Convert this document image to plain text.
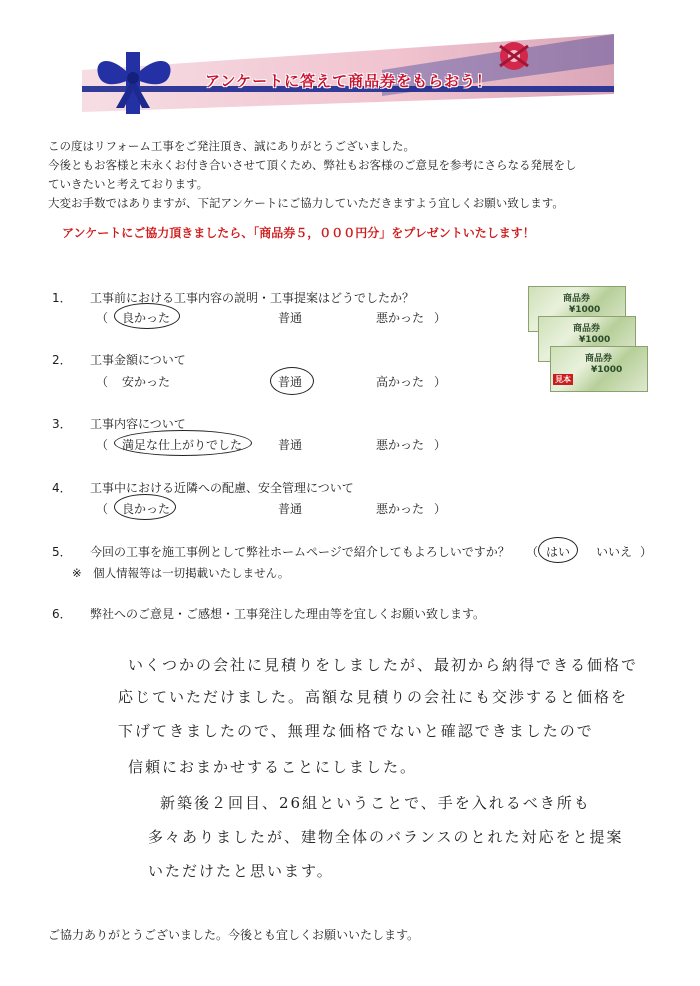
アンケートに答えて商品券をもらおう！
この度はリフォーム工事をご発注頂き、誠にありがとうございました。
今後ともお客様と末永くお付き合いさせて頂くため、弊社もお客様のご意見を参考にさらなる発展をし
ていきたいと考えております。
大変お手数ではありますが、下記アンケートにご協力していただきますよう宜しくお願い致します。
アンケートにご協力頂きましたら、「商品券５，０００円分」をプレゼントいたします！
商品券
¥1000
商品券
¥1000
商品券
¥1000
見本
1． 工事前における工事内容の説明・工事提案はどうでしたか？
（ 良かった	普通	悪かった ）
2． 工事金額について
（ 安かった	普通	高かった ）
3． 工事内容について
（ 満足な仕上がりでした	普通	悪かった ）
4． 工事中における近隣への配慮、安全管理について
（ 良かった	普通	悪かった ）
5． 今回の工事を施工事例として弊社ホームページで紹介してもよろしいですか？ （ はい いいえ ）
※　個人情報等は一切掲載いたしません。
6． 弊社へのご意見・ご感想・工事発注した理由等を宜しくお願い致します。
いくつかの会社に見積りをしましたが、最初から納得できる価格で
応じていただけました。高額な見積りの会社にも交渉すると価格を
下げてきましたので、無理な価格でないと確認できましたので
信頼におまかせすることにしました。
新築後２回目、26組ということで、手を入れるべき所も
多々ありましたが、建物全体のバランスのとれた対応をと提案
いただけたと思います。
ご協力ありがとうございました。今後とも宜しくお願いいたします。
